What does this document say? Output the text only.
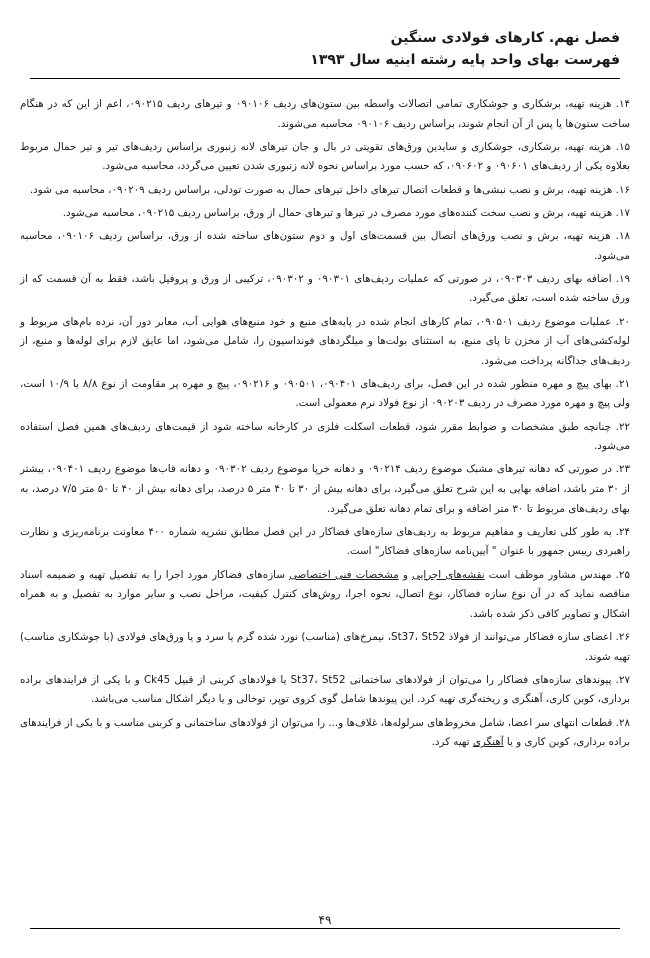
فصل نهم. کارهای فولادی سنگین
فهرست بهای واحد پایه رشته ابنیه سال ۱۳۹۳

۱۴. هزینه تهیه، برشکاری و جوشکاری تمامی اتصالات واسطه بین ستون‌های ردیف ۰۹۰۱۰۶ و تیرهای ردیف ۰۹۰۲۱۵، اعم از این که در هنگام ساخت ستون‌ها یا پس از آن انجام شوند، براساس ردیف ۰۹۰۱۰۶ محاسبه می‌شوند.

۱۵. هزینه تهیه، برشکاری، جوشکاری و سایدین ورق‌های تقویتی در بال و جان تیرهای لانه زنبوری براساس ردیف‌های تیر و تیر حمال مربوط بعلاوه یکی از ردیف‌های ۰۹۰۶۰۱ و ۰۹۰۶۰۲، که حسب مورد براساس نحوه لانه زنبوری شدن تعیین می‌گردد، محاسبه می‌شود.

۱۶. هزینه تهیه، برش و نصب نبشی‌ها و قطعات اتصال تیرهای داخل تیرهای حمال به صورت تودلی، براساس ردیف ۰۹۰۲۰۹، محاسبه می شود.

۱۷. هزینه تهیه، برش و نصب سخت کننده‌های مورد مصرف در تیرها و تیرهای حمال از ورق، براساس ردیف ۰۹۰۲۱۵، محاسبه می‌شود.

۱۸. هزینه تهیه، برش و نصب ورق‌های اتصال بین قسمت‌های اول و دوم ستون‌های ساخته شده از ورق، براساس ردیف ۰۹۰۱۰۶، محاسبه می‌شود.

۱۹. اضافه بهای ردیف ۰۹۰۳۰۳، در صورتی که عملیات ردیف‌های ۰۹۰۳۰۱ و ۰۹۰۳۰۲، ترکیبی از ورق و پروفیل باشد، فقط به آن قسمت که از ورق ساخته شده است، تعلق می‌گیرد.

۲۰. عملیات موضوع ردیف ۰۹۰۵۰۱، تمام کارهای انجام شده در پایه‌های منبع و خود منبع‌های هوایی آب، معابر دور آن، نرده بام‌های مربوط و لوله‌کشی‌های آب از مخزن تا پای منبع، به استثنای بولت‌ها و میلگردهای فونداسیون را، شامل می‌شود، اما عایق لازم برای لوله‌ها و منبع، از ردیف‌های جداگانه پرداخت می‌شود.

۲۱. بهای پیچ و مهره منظور شده در این فصل، برای ردیف‌های ۰۹۰۴۰۱، ۰۹۰۵۰۱ و ۰۹۰۲۱۶، پیچ و مهره پر مقاومت از نوع ۸/۸ یا ۱۰/۹ است، ولی پیچ و مهره مورد مصرف در ردیف ۰۹۰۲۰۳ از نوع فولاد نرم معمولی است.

۲۲. چنانچه طبق مشخصات و ضوابط مقرر شود، قطعات اسکلت فلزی در کارخانه ساخته شود از قیمت‌های ردیف‌های همین فصل استفاده می‌شود.

۲۳. در صورتی که دهانه تیرهای مشبک موضوع ردیف ۰۹۰۲۱۴ و دهانه خرپا موضوع ردیف ۰۹۰۳۰۲ و دهانه قاب‌ها موضوع ردیف ۰۹۰۴۰۱، بیشتر از ۳۰ متر باشد، اضافه بهایی به این شرح تعلق می‌گیرد، برای دهانه بیش از ۳۰ تا ۴۰ متر ۵ درصد، برای دهانه بیش از ۴۰ تا ۵۰ متر ۷/۵ درصد، به بهای ردیف‌های مربوط تا ۳۰ متر اضافه و برای تمام دهانه تعلق می‌گیرد.

۲۴. به طور کلی تعاریف و مفاهیم مربوط به ردیف‌های سازه‌های فضاکار در این فصل مطابق نشریه شماره ۴۰۰ معاونت برنامه‌ریزی و نظارت راهبردی رییس جمهور با عنوان " آیین‌نامه سازه‌های فضاکار" است.

۲۵. مهندس مشاور موظف است نقشه‌های اجرایی و مشخصات فنی اختصاصی سازه‌های فضاکار مورد اجرا را به تفصیل تهیه و ضمیمه اسناد مناقصه نماید که در آن نوع سازه فضاکار، نوع اتصال، نحوه اجرا، روش‌های کنترل کیفیت، مراحل نصب و سایر موارد به تفصیل و به همراه اشکال و تصاویر کافی ذکر شده باشد.

۲۶. اعضای سازه فضاکار می‌توانند از فولاد St37، St52، نیمرخ‌های (مناسب) نورد شده گرم یا سرد و یا ورق‌های فولادی (با جوشکاری مناسب) تهیه شوند.

۲۷. پیوندهای سازه‌های فضاکار را می‌توان از فولادهای ساختمانی St37، St52 یا فولادهای کربنی از قبیل Ck45 و با یکی از فرایندهای براده برداری، کوبن کاری، آهنگری و ریخته‌گری تهیه کرد. این پیوندها شامل گوی کروی توپر، توخالی و یا دیگر اشکال مناسب می‌باشد.

۲۸. قطعات انتهای سر اعضا، شامل مخروط‌های سرلوله‌ها، غلاف‌ها و... را می‌توان از فولادهای ساختمانی و کربنی مناسب و با یکی از فرایندهای براده برداری، کوبن کاری و یا آهنگری تهیه کرد.

۴۹
